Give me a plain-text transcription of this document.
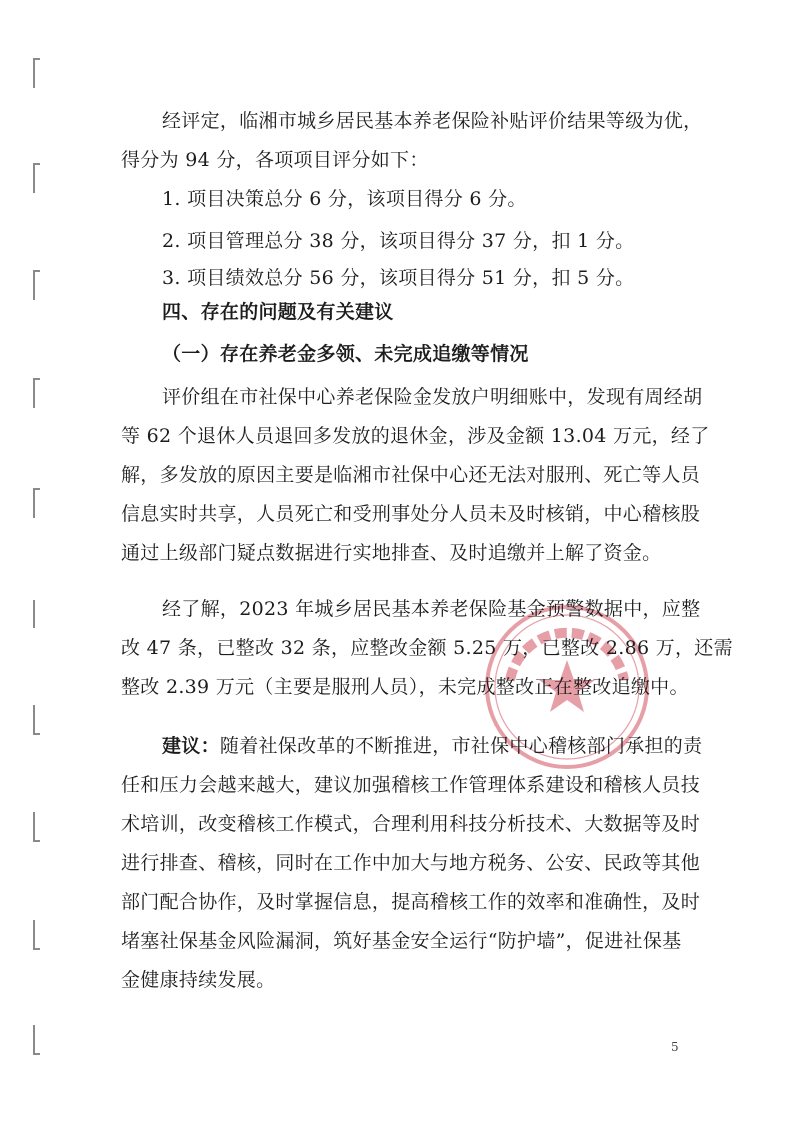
经评定，临湘市城乡居民基本养老保险补贴评价结果等级为优，
得分为 94 分，各项项目评分如下：
1. 项目决策总分 6 分，该项目得分 6 分。
2. 项目管理总分 38 分，该项目得分 37 分，扣 1 分。
3. 项目绩效总分 56 分，该项目得分 51 分，扣 5 分。
四、存在的问题及有关建议
（一）存在养老金多领、未完成追缴等情况
评价组在市社保中心养老保险金发放户明细账中，发现有周经胡
等 62 个退休人员退回多发放的退休金，涉及金额 13.04 万元，经了
解，多发放的原因主要是临湘市社保中心还无法对服刑、死亡等人员
信息实时共享，人员死亡和受刑事处分人员未及时核销，中心稽核股
通过上级部门疑点数据进行实地排查、及时追缴并上解了资金。
经了解，2023 年城乡居民基本养老保险基金预警数据中，应整
改 47 条，已整改 32 条，应整改金额 5.25 万，已整改 2.86 万，还需
整改 2.39 万元（主要是服刑人员），未完成整改正在整改追缴中。
建议：随着社保改革的不断推进，市社保中心稽核部门承担的责
任和压力会越来越大，建议加强稽核工作管理体系建设和稽核人员技
术培训，改变稽核工作模式，合理利用科技分析技术、大数据等及时
进行排查、稽核，同时在工作中加大与地方税务、公安、民政等其他
部门配合协作，及时掌握信息，提高稽核工作的效率和准确性，及时
堵塞社保基金风险漏洞，筑好基金安全运行“防护墙”，促进社保基
金健康持续发展。
5
